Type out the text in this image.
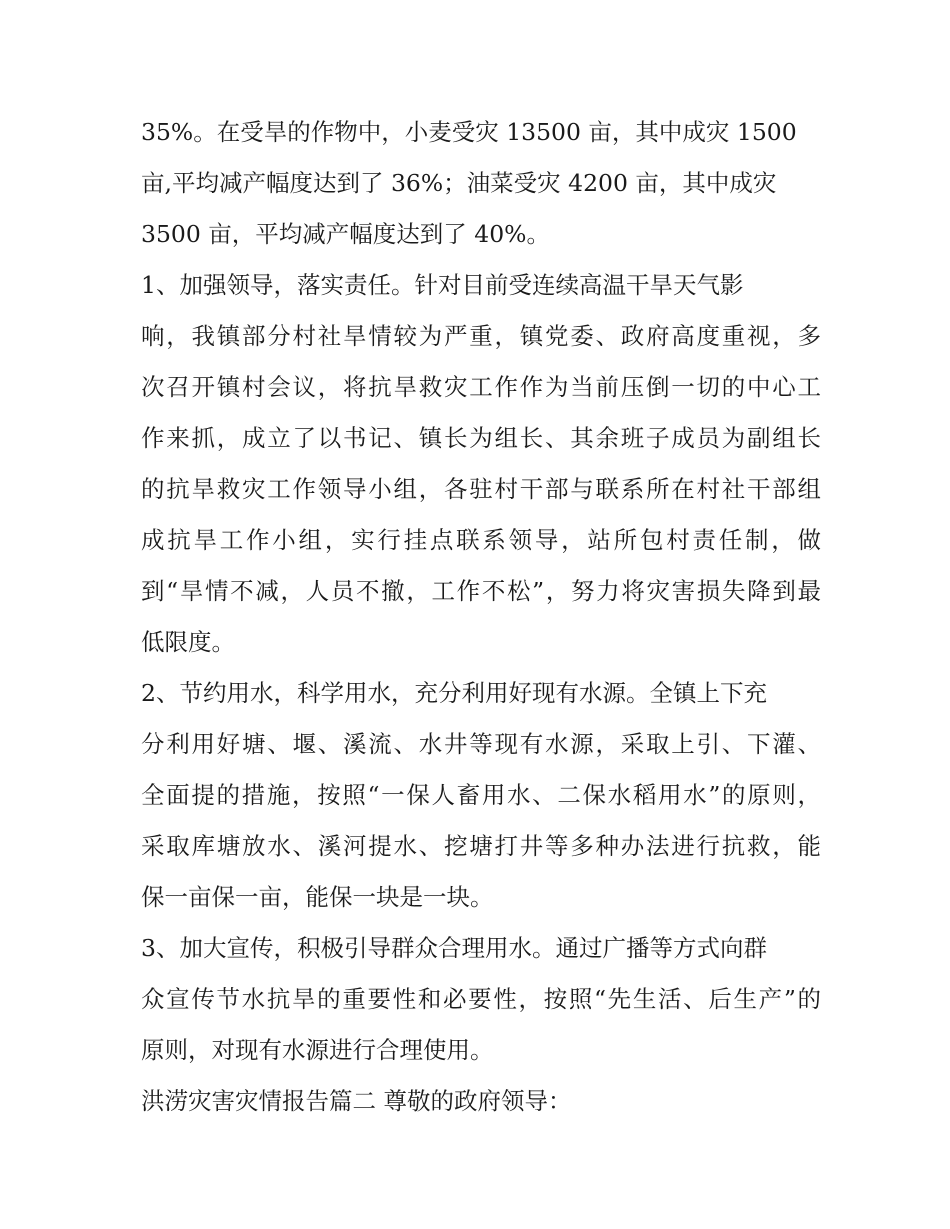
35%。在受旱的作物中，小麦受灾 13500 亩，其中成灾 1500
亩,平均减产幅度达到了 36%；油菜受灾 4200 亩，其中成灾
3500 亩，平均减产幅度达到了 40%。
1、加强领导，落实责任。针对目前受连续高温干旱天气影
响，我镇部分村社旱情较为严重，镇党委、政府高度重视，多
次召开镇村会议，将抗旱救灾工作作为当前压倒一切的中心工
作来抓，成立了以书记、镇长为组长、其余班子成员为副组长
的抗旱救灾工作领导小组，各驻村干部与联系所在村社干部组
成抗旱工作小组，实行挂点联系领导，站所包村责任制，做
到“旱情不减，人员不撤，工作不松”，努力将灾害损失降到最
低限度。
2、节约用水，科学用水，充分利用好现有水源。全镇上下充
分利用好塘、堰、溪流、水井等现有水源，采取上引、下灌、
全面提的措施，按照“一保人畜用水、二保水稻用水”的原则，
采取库塘放水、溪河提水、挖塘打井等多种办法进行抗救，能
保一亩保一亩，能保一块是一块。
3、加大宣传，积极引导群众合理用水。通过广播等方式向群
众宣传节水抗旱的重要性和必要性，按照“先生活、后生产”的
原则，对现有水源进行合理使用。
洪涝灾害灾情报告篇二 尊敬的政府领导：
